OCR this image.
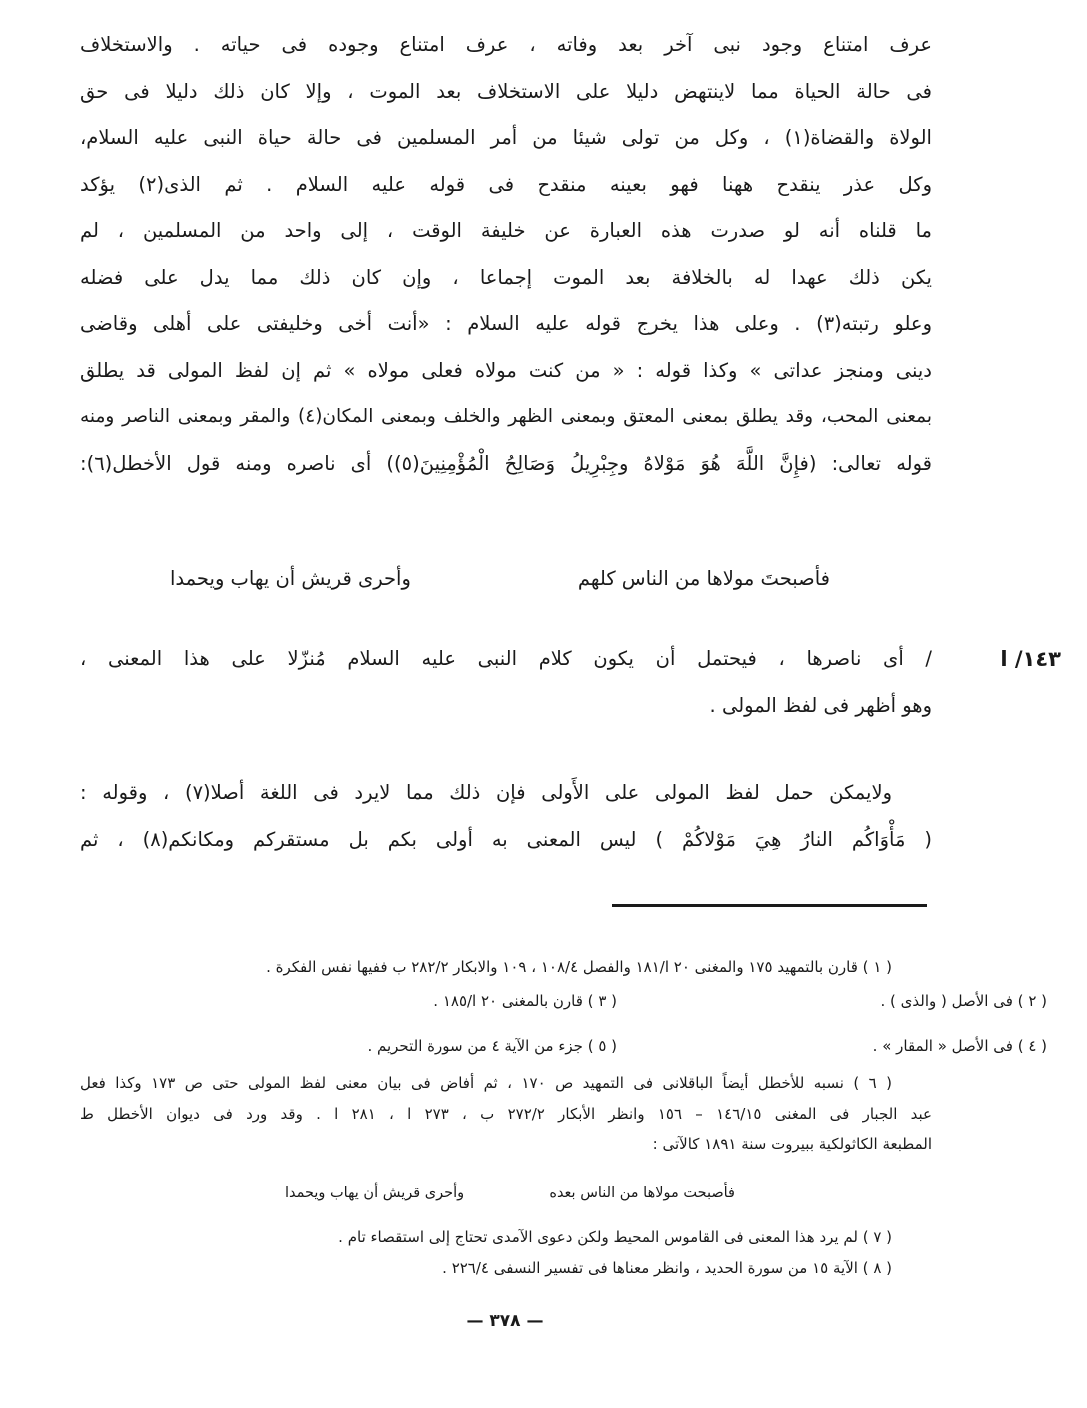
عرف امتناع وجود نبى آخر بعد وفاته ، عرف امتناع وجوده فى حياته . والاستخلاف
فى حالة الحياة مما لاينتهض دليلا على الاستخلاف بعد الموت ، وإلا كان ذلك دليلا فى حق
الولاة والقضاة(١) ، وكل من تولى شيئا من أمر المسلمين فى حالة حياة النبى عليه السلام،
وكل عذر ينقدح ههنا فهو بعينه منقدح فى قوله عليه السلام . ثم الذى(٢) يؤكد
ما قلناه أنه لو صدرت هذه العبارة عن خليفة الوقت ، إلى واحد من المسلمين ، لم
يكن ذلك عهدا له بالخلافة بعد الموت إجماعا ، وإن كان ذلك مما يدل على فضله
وعلو رتبته(٣) . وعلى هذا يخرج قوله عليه السلام : «أنت أخى وخليفتى على أهلى وقاضى
دينى ومنجز عداتى » وكذا قوله : « من كنت مولاه فعلى مولاه » ثم إن لفظ المولى قد يطلق
بمعنى المحب، وقد يطلق بمعنى المعتق وبمعنى الظهر والخلف وبمعنى المكان(٤) والمقر وبمعنى الناصر ومنه
قوله تعالى: (فإِنَّ اللَّهَ هُوَ مَوْلاهُ وجِبْرِيلُ وَصَالِحُ الْمُؤْمِنِينَ(٥)) أى ناصره ومنه قول الأخطل(٦):
فأصبحتَ مولاها من الناس كلهم
وأحرى قريش أن يهاب ويحمدا
١٤٣/ ا
/ أى ناصرها ، فيحتمل أن يكون كلام النبى عليه السلام مُنزّلا على هذا المعنى ،
وهو أظهر فى لفظ المولى .
ولايمكن حمل لفظ المولى على الأَولى فإن ذلك مما لايرد فى اللغة أصلا(٧) ، وقوله :
( مَأْوَاكُم النارُ هِيَ مَوْلاكُمْ ) ليس المعنى به أولى بكم بل مستقركم ومكانكم(٨) ، ثم
( ١ ) قارن بالتمهيد ١٧٥ والمغنى ٢٠ ا/١٨١ والفصل ١٠٨/٤ ، ١٠٩ والابكار ٢٨٢/٢ ب ففيها نفس الفكرة .
( ٢ ) فى الأصل ( والذى ) .
( ٣ ) قارن بالمغنى ٢٠ ا/١٨٥ .
( ٤ ) فى الأصل « المقار » .
( ٥ ) جزء من الآية ٤ من سورة التحريم .
( ٦ ) نسبه للأخطل أيضاً الباقلانى فى التمهيد ص ١٧٠ ، ثم أفاض فى بيان معنى لفظ المولى حتى ص ١٧٣ وكذا فعل
عبد الجبار فى المغنى ١٤٦/١٥ – ١٥٦ وانظر الأبكار ٢٧٢/٢ ب ، ٢٧٣ ا ، ٢٨١ ا . وقد ورد فى ديوان الأخطل ط
المطبعة الكاثولكية ببيروت سنة ١٨٩١ كالآتى :
فأصبحت مولاها من الناس بعده
وأحرى قريش أن يهاب ويحمدا
( ٧ ) لم يرد هذا المعنى فى القاموس المحيط ولكن دعوى الآمدى تحتاج إلى استقصاء تام .
( ٨ ) الآية ١٥ من سورة الحديد ، وانظر معناها فى تفسير النسفى ٢٢٦/٤ .
— ٣٧٨ —
